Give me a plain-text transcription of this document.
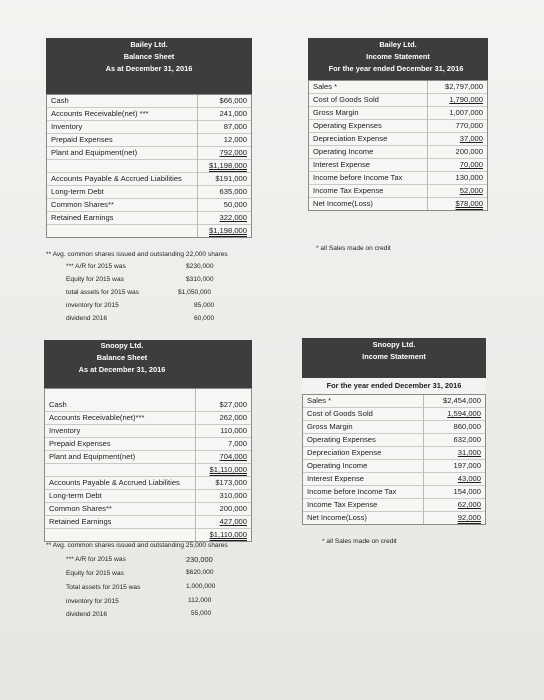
Bailey Ltd.
Balance Sheet
As at December 31, 2016
Cash	$66,000
Accounts Receivable(net) ***	241,000
Inventory	87,000
Prepaid Expenses	12,000
Plant and Equipment(net)	792,000
$1,198,000
Accounts Payable & Accrued Liabilities	$191,000
Long-term Debt	635,000
Common Shares**	50,000
Retained Earnings	322,000
$1,198,000
** Avg. common shares issued and outstanding 22,000 shares
*** A/R for 2015 was	$230,000
Equity for 2015 was	$310,000
total assets for 2015 was	$1,050,000
inventory for 2015	85,000
dividend 2016	60,000
Bailey Ltd.
Income Statement
For the year ended December 31, 2016
Sales *	$2,797,000
Cost of Goods Sold	1,790,000
Gross Margin	1,007,000
Operating Expenses	770,000
Depreciation Expense	37,000
Operating Income	200,000
Interest Expense	70,000
Income before Income Tax	130,000
Income Tax Expense	52,000
Net Income(Loss)	$78,000
* all Sales made on credit
Snoopy Ltd.
Balance Sheet
As at December 31, 2016
Cash	$27,000
Accounts Receivable(net)***	262,000
Inventory	110,000
Prepaid Expenses	7,000
Plant and Equipment(net)	704,000
$1,110,000
Accounts Payable & Accrued Liabilities	$173,000
Long-term Debt	310,000
Common Shares**	200,000
Retained Earnings	427,000
$1,110,000
** Avg. common shares issued and outstanding 25,000 shares
*** A/R for 2015 was	230,000
Equity for 2015 was	$620,000
Total assets for 2015 was	1,000,000
inventory for 2015	112,000
dividend 2016	55,000
Snoopy Ltd.
Income Statement
For the year ended December 31, 2016
Sales *	$2,454,000
Cost of Goods Sold	1,594,000
Gross Margin	860,000
Operating Expenses	632,000
Depreciation Expense	31,000
Operating Income	197,000
Interest Expense	43,000
Income before Income Tax	154,000
Income Tax Expense	62,000
Net Income(Loss)	92,000
* all Sales made on credit
